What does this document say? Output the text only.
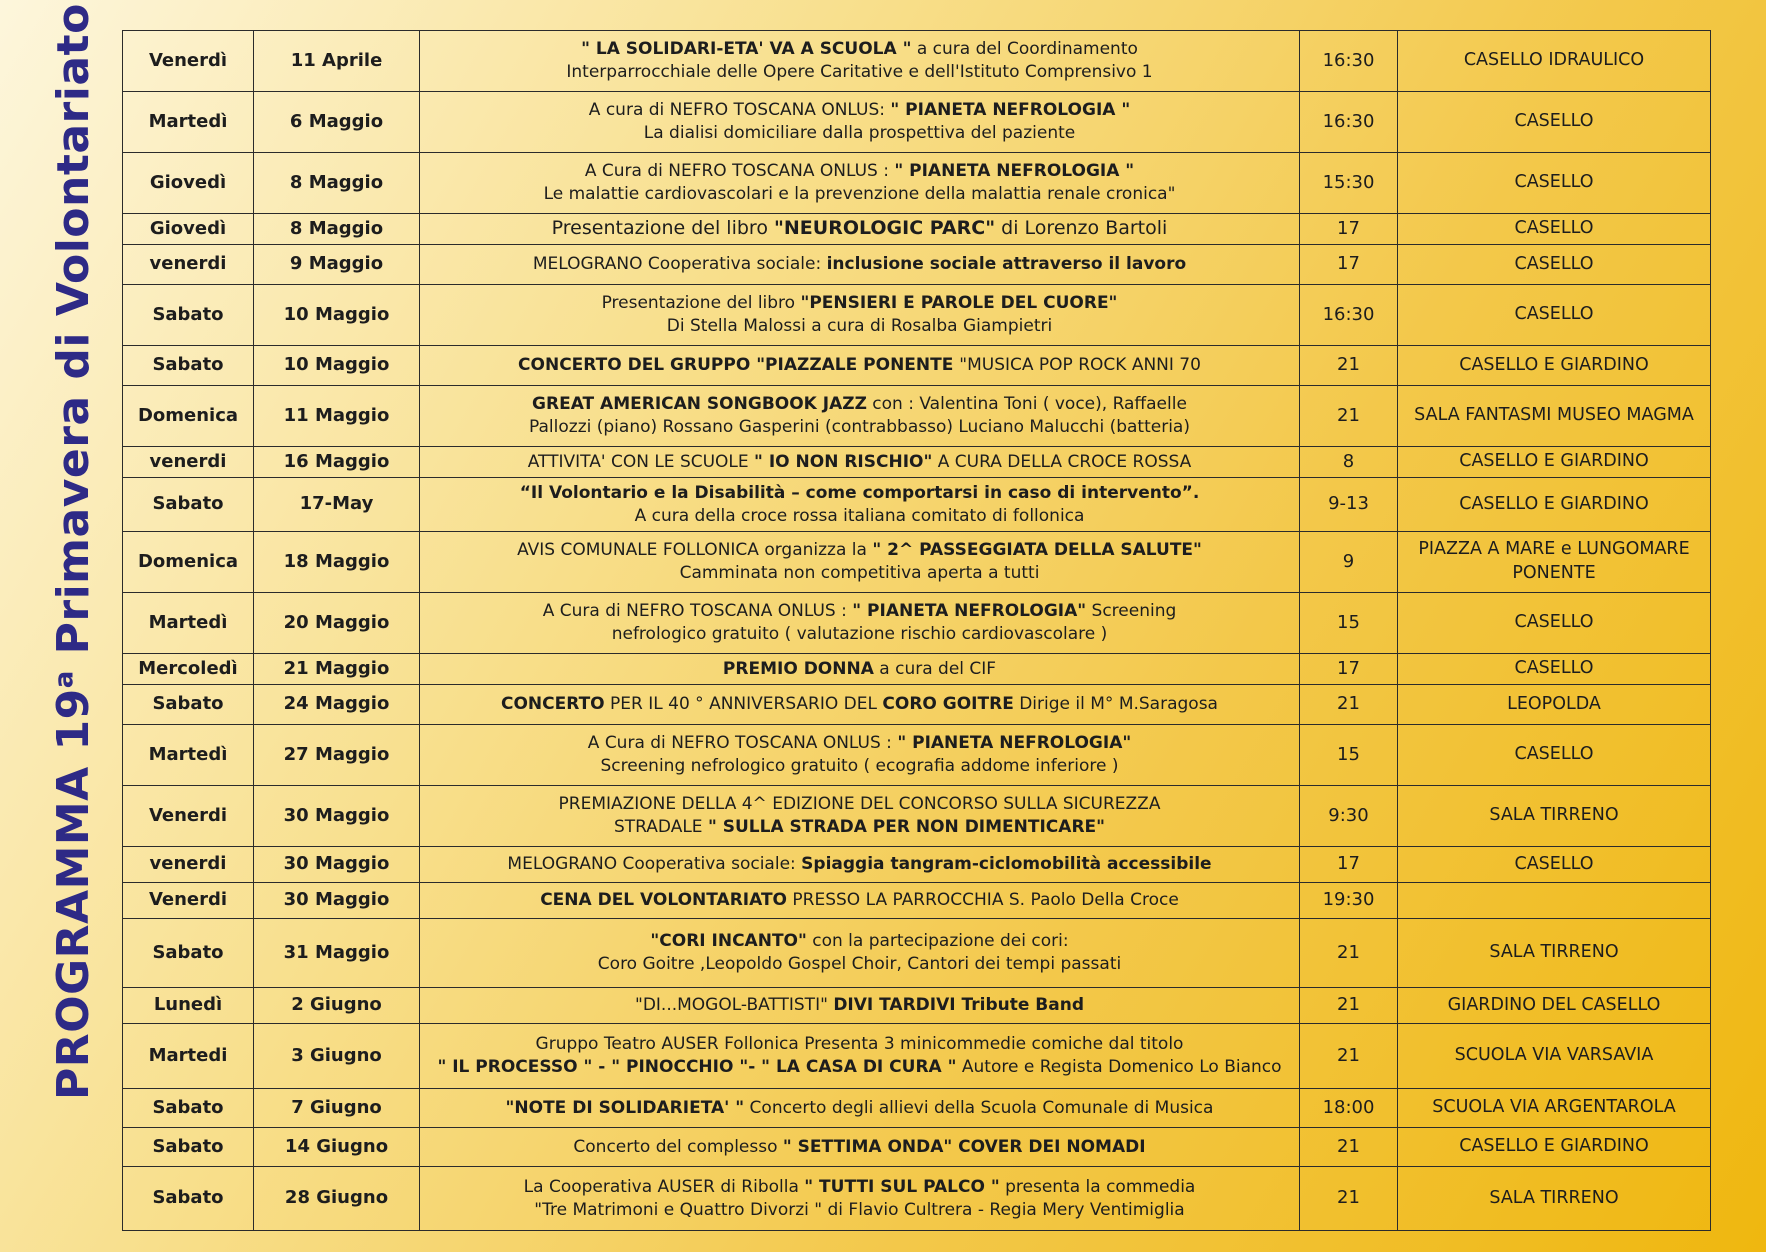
PROGRAMMA 19$^a$ Primavera di Volontariato	Venerdì	11 Aprile	" LA SOLIDARI-ETA' VA A SCUOLA " a cura del Coordinamento
Interparrocchiale delle Opere Caritative e dell'Istituto Comprensivo 1	16:30	CASELLO IDRAULICO
Martedì	6 Maggio	A cura di NEFRO TOSCANA ONLUS: " PIANETA NEFROLOGIA "
La dialisi domiciliare dalla prospettiva del paziente	16:30	CASELLO
Giovedì	8 Maggio	A Cura di NEFRO TOSCANA ONLUS : " PIANETA NEFROLOGIA "
Le malattie cardiovascolari e la prevenzione della malattia renale cronica"	15:30	CASELLO
Giovedì	8 Maggio	Presentazione del libro "NEUROLOGIC PARC" di Lorenzo Bartoli	17	CASELLO
venerdi	9 Maggio	MELOGRANO Cooperativa sociale: inclusione sociale attraverso il lavoro	17	CASELLO
Sabato	10 Maggio	Presentazione del libro "PENSIERI E PAROLE DEL CUORE"
Di Stella Malossi a cura di Rosalba Giampietri	16:30	CASELLO
Sabato	10 Maggio	CONCERTO DEL GRUPPO "PIAZZALE PONENTE "MUSICA POP ROCK ANNI 70	21	CASELLO E GIARDINO
Domenica	11 Maggio	GREAT AMERICAN SONGBOOK JAZZ con : Valentina Toni ( voce), Raffaelle
Pallozzi (piano) Rossano Gasperini (contrabbasso) Luciano Malucchi (batteria)	21	SALA FANTASMI MUSEO MAGMA
venerdi	16 Maggio	ATTIVITA' CON LE SCUOLE " IO NON RISCHIO" A CURA DELLA CROCE ROSSA	8	CASELLO E GIARDINO
Sabato	17-May	“Il Volontario e la Disabilità – come comportarsi in caso di intervento”.
A cura della croce rossa italiana comitato di follonica	9-13	CASELLO E GIARDINO
Domenica	18 Maggio	AVIS COMUNALE FOLLONICA organizza la " 2^ PASSEGGIATA DELLA SALUTE"
Camminata non competitiva aperta a tutti	9	PIAZZA A MARE e LUNGOMARE PONENTE
Martedì	20 Maggio	A Cura di NEFRO TOSCANA ONLUS : " PIANETA NEFROLOGIA" Screening
nefrologico gratuito ( valutazione rischio cardiovascolare )	15	CASELLO
Mercoledì	21 Maggio	PREMIO DONNA a cura del CIF	17	CASELLO
Sabato	24 Maggio	CONCERTO PER IL 40 ° ANNIVERSARIO DEL CORO GOITRE Dirige il M° M.Saragosa	21	LEOPOLDA
Martedì	27 Maggio	A Cura di NEFRO TOSCANA ONLUS : " PIANETA NEFROLOGIA"
Screening nefrologico gratuito ( ecografia addome inferiore )	15	CASELLO
Venerdi	30 Maggio	PREMIAZIONE DELLA 4^ EDIZIONE DEL CONCORSO SULLA SICUREZZA
STRADALE " SULLA STRADA PER NON DIMENTICARE"	9:30	SALA TIRRENO
venerdi	30 Maggio	MELOGRANO Cooperativa sociale: Spiaggia tangram-ciclomobilità accessibile	17	CASELLO
Venerdi	30 Maggio	CENA DEL VOLONTARIATO PRESSO LA PARROCCHIA S. Paolo Della Croce	19:30	
Sabato	31 Maggio	"CORI INCANTO" con la partecipazione dei cori:
Coro Goitre ,Leopoldo Gospel Choir, Cantori dei tempi passati	21	SALA TIRRENO
Lunedì	2 Giugno	"DI...MOGOL-BATTISTI" DIVI TARDIVI Tribute Band	21	GIARDINO DEL CASELLO
Martedi	3 Giugno	Gruppo Teatro AUSER Follonica Presenta 3 minicommedie comiche dal titolo
" IL PROCESSO " - " PINOCCHIO "- " LA CASA DI CURA " Autore e Regista Domenico Lo Bianco	21	SCUOLA VIA VARSAVIA
Sabato	7 Giugno	"NOTE DI SOLIDARIETA' " Concerto degli allievi della Scuola Comunale di Musica	18:00	SCUOLA VIA ARGENTAROLA
Sabato	14 Giugno	Concerto del complesso " SETTIMA ONDA" COVER DEI NOMADI	21	CASELLO E GIARDINO
Sabato	28 Giugno	La Cooperativa AUSER di Ribolla " TUTTI SUL PALCO " presenta la commedia
"Tre Matrimoni e Quattro Divorzi " di Flavio Cultrera - Regia Mery Ventimiglia	21	SALA TIRRENO
